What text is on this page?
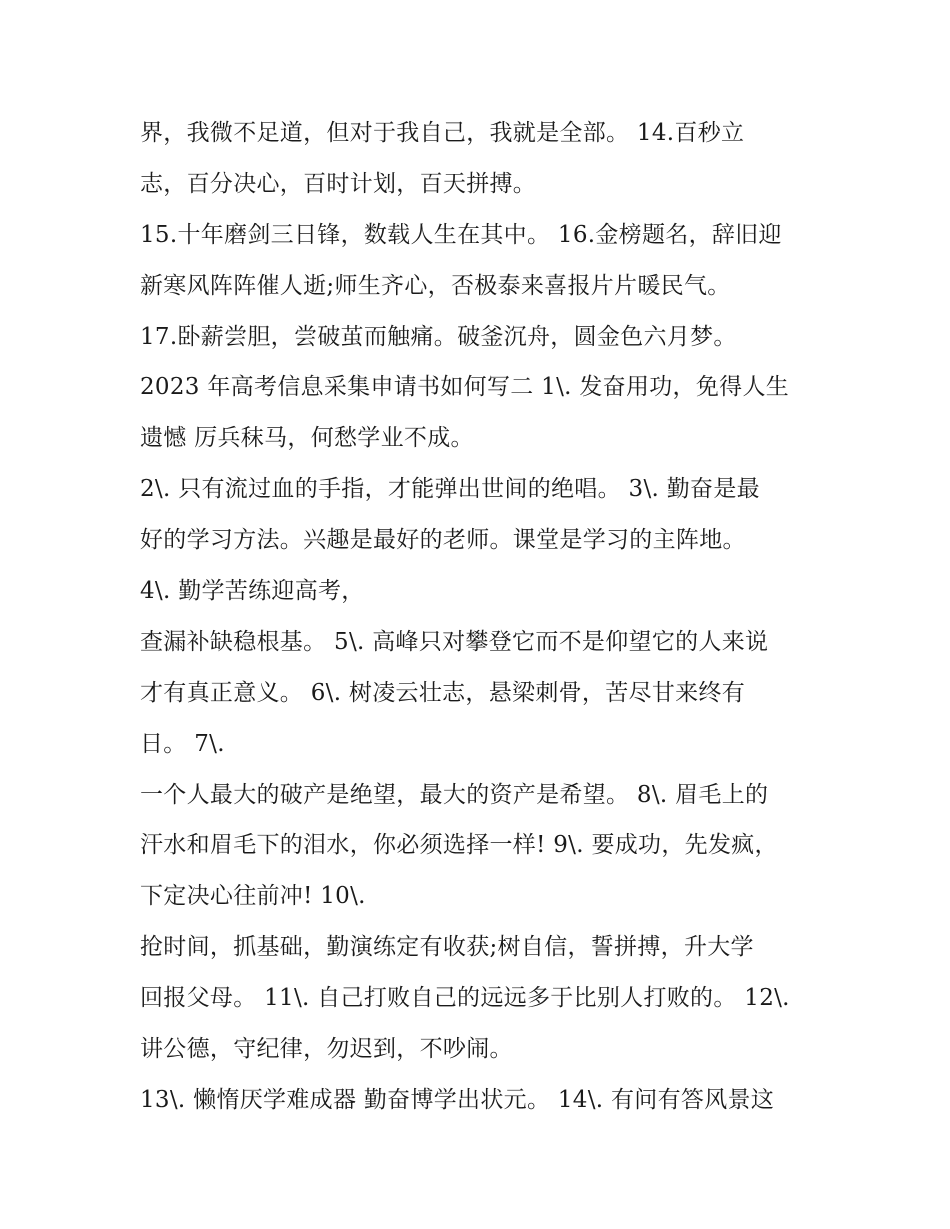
界，我微不足道，但对于我自己，我就是全部。 14.百秒立
志，百分决心，百时计划，百天拼搏。
15.十年磨剑三日锋，数载人生在其中。 16.金榜题名，辞旧迎
新寒风阵阵催人逝;师生齐心，否极泰来喜报片片暖民气。
17.卧薪尝胆，尝破茧而触痛。破釜沉舟，圆金色六月梦。
2023 年高考信息采集申请书如何写二 1\. 发奋用功，免得人生
遗憾 厉兵秣马，何愁学业不成。
2\. 只有流过血的手指，才能弹出世间的绝唱。 3\. 勤奋是最
好的学习方法。兴趣是最好的老师。课堂是学习的主阵地。
4\. 勤学苦练迎高考，
查漏补缺稳根基。 5\. 高峰只对攀登它而不是仰望它的人来说
才有真正意义。 6\. 树凌云壮志，悬梁刺骨，苦尽甘来终有
日。 7\.
一个人最大的破产是绝望，最大的资产是希望。 8\. 眉毛上的
汗水和眉毛下的泪水，你必须选择一样! 9\. 要成功，先发疯，
下定决心往前冲! 10\.
抢时间，抓基础，勤演练定有收获;树自信，誓拼搏，升大学
回报父母。 11\. 自己打败自己的远远多于比别人打败的。 12\.
讲公德，守纪律，勿迟到，不吵闹。
13\. 懒惰厌学难成器 勤奋博学出状元。 14\. 有问有答风景这
